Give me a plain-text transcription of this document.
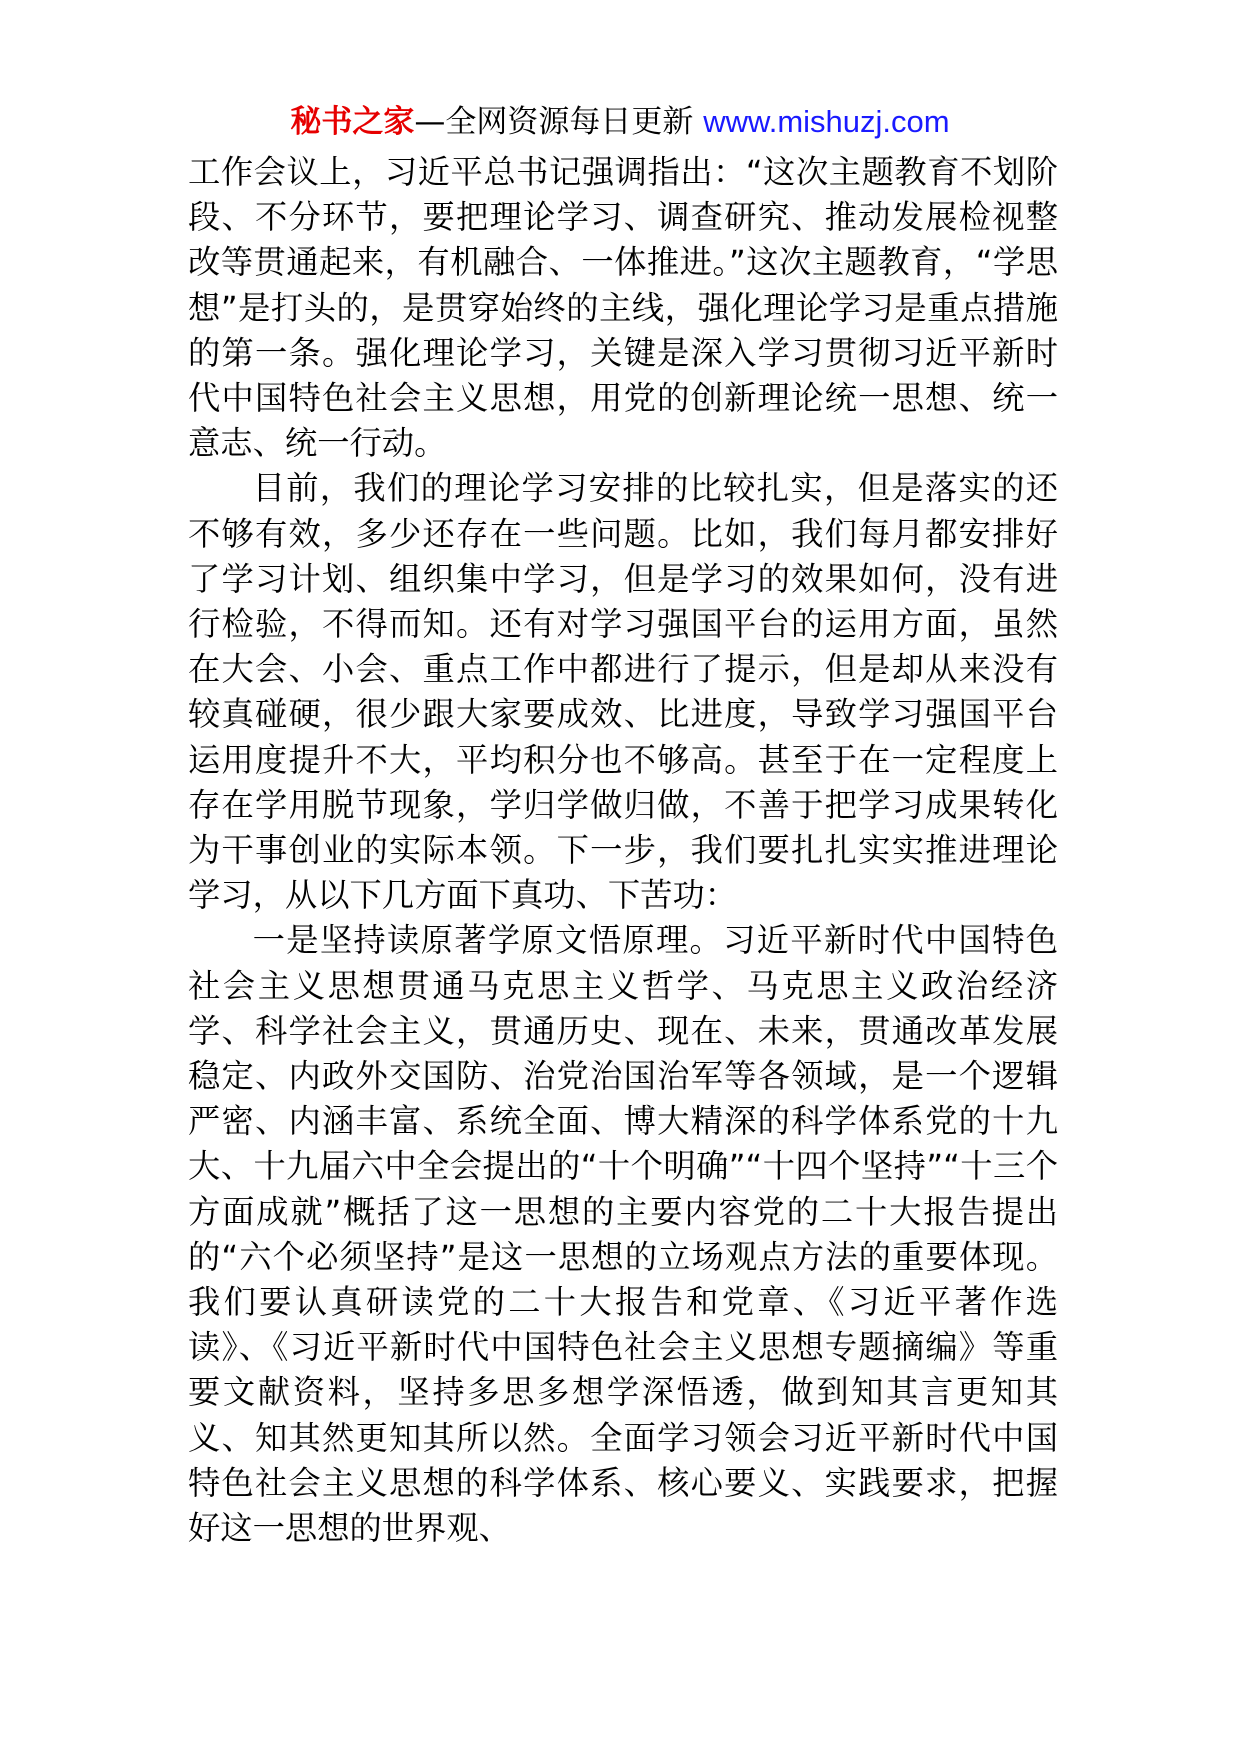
秘书之家—全网资源每日更新 www.mishuzj.com

工作会议上，习近平总书记强调指出：“这次主题教育不划阶段、不分环节，要把理论学习、调查研究、推动发展检视整改等贯通起来，有机融合、一体推进。”这次主题教育，“学思想”是打头的，是贯穿始终的主线，强化理论学习是重点措施的第一条。强化理论学习，关键是深入学习贯彻习近平新时代中国特色社会主义思想，用党的创新理论统一思想、统一意志、统一行动。

目前，我们的理论学习安排的比较扎实，但是落实的还不够有效，多少还存在一些问题。比如，我们每月都安排好了学习计划、组织集中学习，但是学习的效果如何，没有进行检验，不得而知。还有对学习强国平台的运用方面，虽然在大会、小会、重点工作中都进行了提示，但是却从来没有较真碰硬，很少跟大家要成效、比进度，导致学习强国平台运用度提升不大，平均积分也不够高。甚至于在一定程度上存在学用脱节现象，学归学做归做，不善于把学习成果转化为干事创业的实际本领。下一步，我们要扎扎实实推进理论学习，从以下几方面下真功、下苦功：

一是坚持读原著学原文悟原理。习近平新时代中国特色社会主义思想贯通马克思主义哲学、马克思主义政治经济学、科学社会主义，贯通历史、现在、未来，贯通改革发展稳定、内政外交国防、治党治国治军等各领域，是一个逻辑严密、内涵丰富、系统全面、博大精深的科学体系党的十九大、十九届六中全会提出的“十个明确”“十四个坚持”“十三个方面成就”概括了这一思想的主要内容党的二十大报告提出的“六个必须坚持”是这一思想的立场观点方法的重要体现。我们要认真研读党的二十大报告和党章、《习近平著作选读》、《习近平新时代中国特色社会主义思想专题摘编》等重要文献资料，坚持多思多想学深悟透，做到知其言更知其义、知其然更知其所以然。全面学习领会习近平新时代中国特色社会主义思想的科学体系、核心要义、实践要求，把握好这一思想的世界观、
